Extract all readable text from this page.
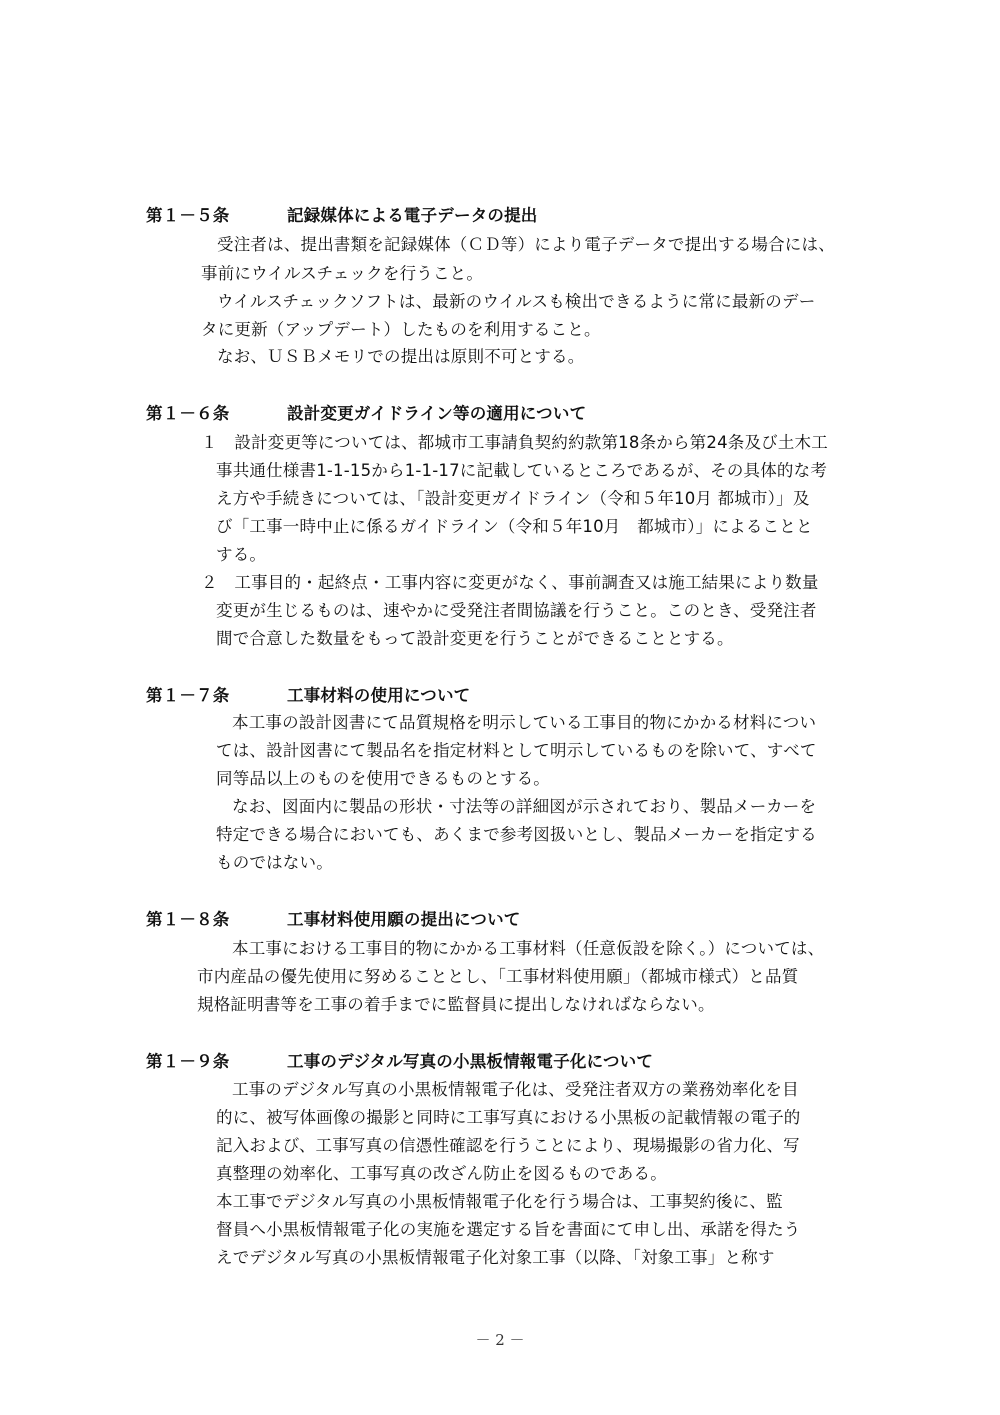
第１－５条	記録媒体による電子データの提出
受注者は、提出書類を記録媒体（ＣＤ等）により電子データで提出する場合には、
事前にウイルスチェックを行うこと。
ウイルスチェックソフトは、最新のウイルスも検出できるように常に最新のデー
タに更新（アップデート）したものを利用すること。
なお、ＵＳＢメモリでの提出は原則不可とする。
第１－６条	設計変更ガイドライン等の適用について
１　設計変更等については、都城市工事請負契約約款第18条から第24条及び土木工
事共通仕様書1-1-15から1-1-17に記載しているところであるが、その具体的な考
え方や手続きについては、「設計変更ガイドライン（令和５年10月 都城市）」及
び「工事一時中止に係るガイドライン（令和５年10月　都城市）」によることと
する。
２　工事目的・起終点・工事内容に変更がなく、事前調査又は施工結果により数量
変更が生じるものは、速やかに受発注者間協議を行うこと。このとき、受発注者
間で合意した数量をもって設計変更を行うことができることとする。
第１－７条	工事材料の使用について
本工事の設計図書にて品質規格を明示している工事目的物にかかる材料につい
ては、設計図書にて製品名を指定材料として明示しているものを除いて、すべて
同等品以上のものを使用できるものとする。
なお、図面内に製品の形状・寸法等の詳細図が示されており、製品メーカーを
特定できる場合においても、あくまで参考図扱いとし、製品メーカーを指定する
ものではない。
第１－８条	工事材料使用願の提出について
本工事における工事目的物にかかる工事材料（任意仮設を除く。）については、
市内産品の優先使用に努めることとし、「工事材料使用願」（都城市様式）と品質
規格証明書等を工事の着手までに監督員に提出しなければならない。
第１－９条	工事のデジタル写真の小黒板情報電子化について
工事のデジタル写真の小黒板情報電子化は、受発注者双方の業務効率化を目
的に、被写体画像の撮影と同時に工事写真における小黒板の記載情報の電子的
記入および、工事写真の信憑性確認を行うことにより、現場撮影の省力化、写
真整理の効率化、工事写真の改ざん防止を図るものである。
本工事でデジタル写真の小黒板情報電子化を行う場合は、工事契約後に、監
督員へ小黒板情報電子化の実施を選定する旨を書面にて申し出、承諾を得たう
えでデジタル写真の小黒板情報電子化対象工事（以降、「対象工事」と称す
－ 2 －
